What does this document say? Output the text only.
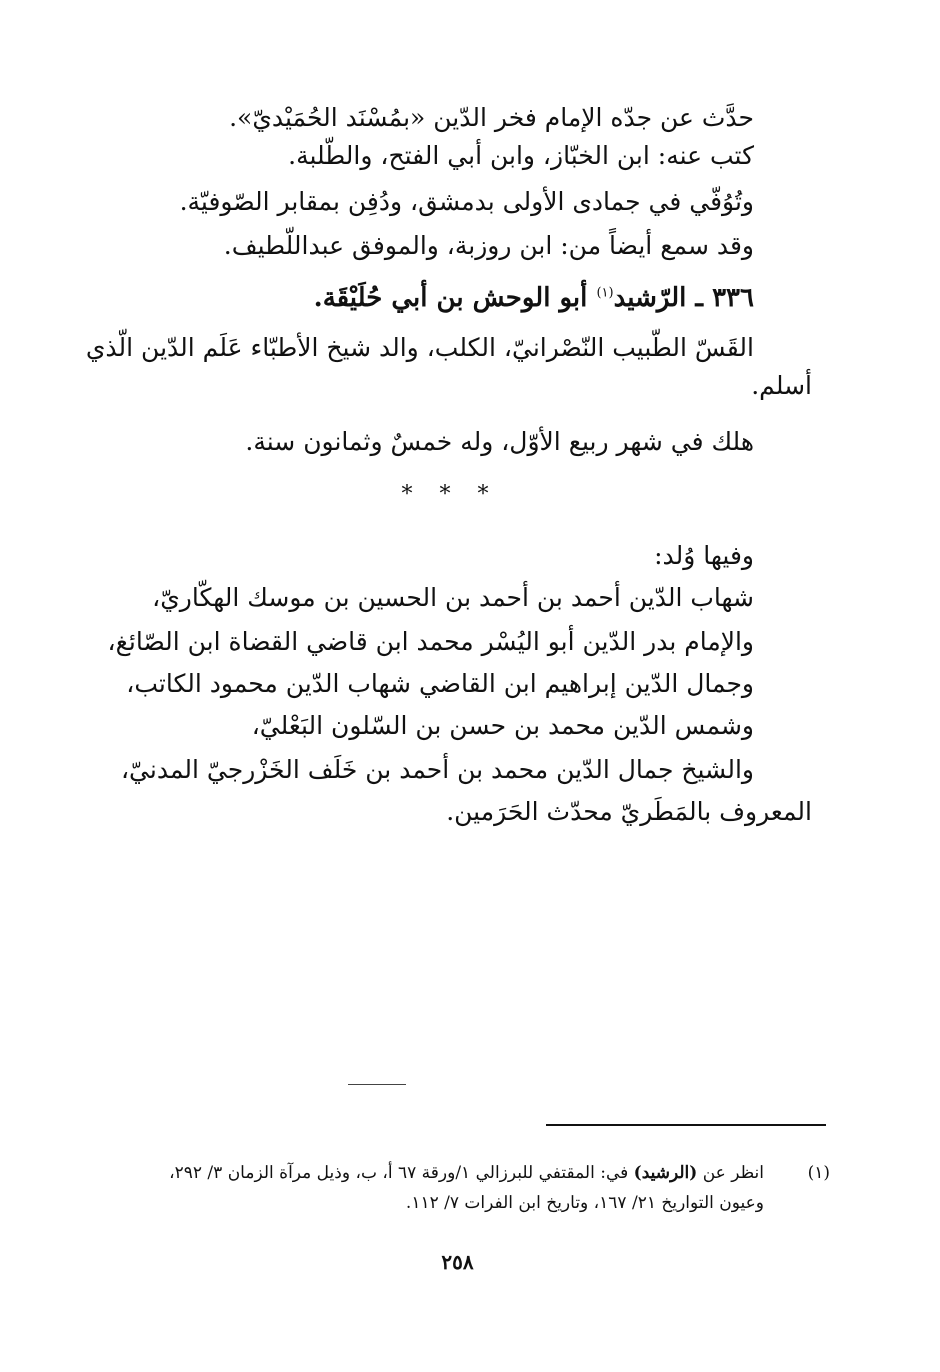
حدَّث عن جدّه الإمام فخر الدّين «بمُسْنَد الحُمَيْديّ».
كتب عنه: ابن الخبّاز، وابن أبي الفتح، والطّلبة.
وتُوُفّي في جمادى الأولى بدمشق، ودُفِن بمقابر الصّوفيّة.
وقد سمع أيضاً من: ابن روزبة، والموفق عبداللّطيف.
٣٣٦ ـ الرّشيد$^{(١)}$ أبو الوحش بن أبي حُلَيْقَة.
القَسّ الطّبيب النّصْرانيّ، الكلب، والد شيخ الأطبّاء عَلَم الدّين الّذي
أسلم.
هلك في شهر ربيع الأوّل، وله خمسٌ وثمانون سنة.
* * *
وفيها وُلد:
شهاب الدّين أحمد بن أحمد بن الحسين بن موسك الهكّاريّ،
والإمام بدر الدّين أبو اليُسْر محمد ابن قاضي القضاة ابن الصّائغ،
وجمال الدّين إبراهيم ابن القاضي شهاب الدّين محمود الكاتب،
وشمس الدّين محمد بن حسن بن السّلون البَعْليّ،
والشيخ جمال الدّين محمد بن أحمد بن خَلَف الخَزْرجيّ المدنيّ،
المعروف بالمَطَريّ محدّث الحَرَمين.
(١)
انظر عن (الرشيد) في: المقتفي للبرزالي ١/ورقة ٦٧ أ، ب، وذيل مرآة الزمان ٣/ ٢٩٢،
وعيون التواريخ ٢١/ ١٦٧، وتاريخ ابن الفرات ٧/ ١١٢.
٢٥٨
